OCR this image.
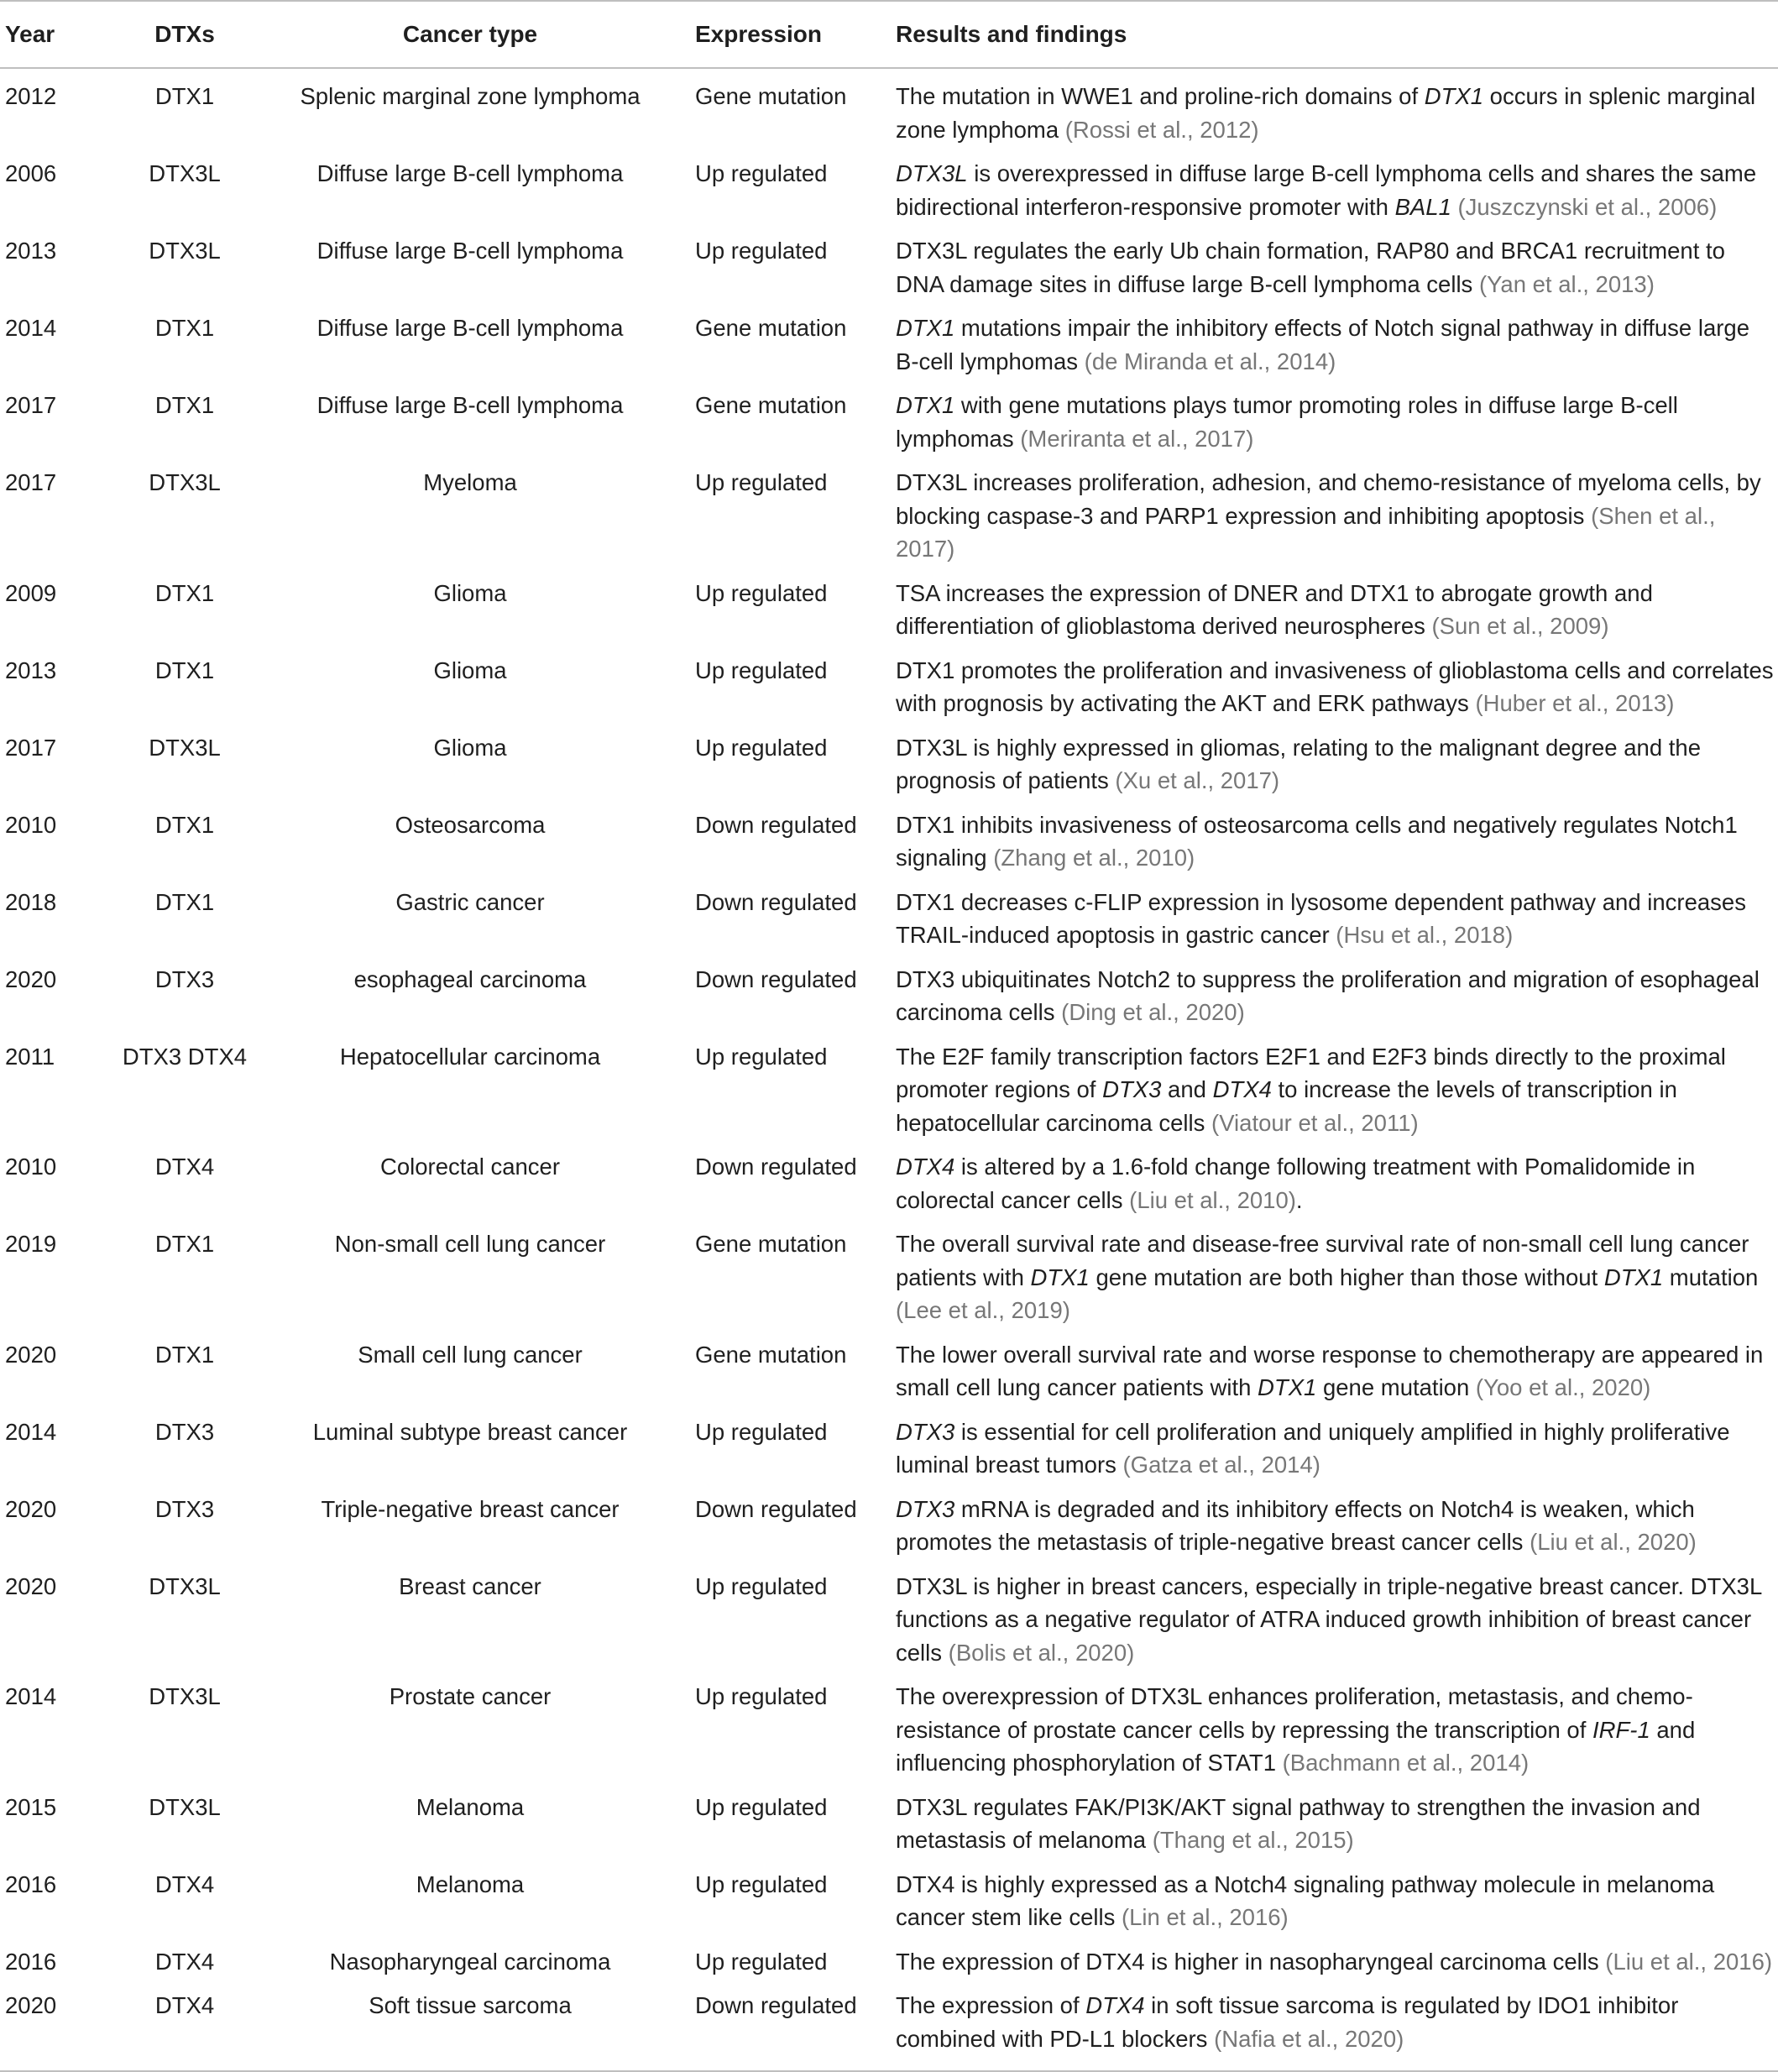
Year	DTXs	Cancer type	Expression	Results and findings
2012	DTX1	Splenic marginal zone lymphoma	Gene mutation	The mutation in WWE1 and proline-rich domains of DTX1 occurs in splenic marginal zone lymphoma (Rossi et al., 2012)
2006	DTX3L	Diffuse large B-cell lymphoma	Up regulated	DTX3L is overexpressed in diffuse large B-cell lymphoma cells and shares the same bidirectional interferon-responsive promoter with BAL1 (Juszczynski et al., 2006)
2013	DTX3L	Diffuse large B-cell lymphoma	Up regulated	DTX3L regulates the early Ub chain formation, RAP80 and BRCA1 recruitment to DNA damage sites in diffuse large B-cell lymphoma cells (Yan et al., 2013)
2014	DTX1	Diffuse large B-cell lymphoma	Gene mutation	DTX1 mutations impair the inhibitory effects of Notch signal pathway in diffuse large B-cell lymphomas (de Miranda et al., 2014)
2017	DTX1	Diffuse large B-cell lymphoma	Gene mutation	DTX1 with gene mutations plays tumor promoting roles in diffuse large B-cell lymphomas (Meriranta et al., 2017)
2017	DTX3L	Myeloma	Up regulated	DTX3L increases proliferation, adhesion, and chemo-resistance of myeloma cells, by blocking caspase-3 and PARP1 expression and inhibiting apoptosis (Shen et al., 2017)
2009	DTX1	Glioma	Up regulated	TSA increases the expression of DNER and DTX1 to abrogate growth and differentiation of glioblastoma derived neurospheres (Sun et al., 2009)
2013	DTX1	Glioma	Up regulated	DTX1 promotes the proliferation and invasiveness of glioblastoma cells and correlates with prognosis by activating the AKT and ERK pathways (Huber et al., 2013)
2017	DTX3L	Glioma	Up regulated	DTX3L is highly expressed in gliomas, relating to the malignant degree and the prognosis of patients (Xu et al., 2017)
2010	DTX1	Osteosarcoma	Down regulated	DTX1 inhibits invasiveness of osteosarcoma cells and negatively regulates Notch1 signaling (Zhang et al., 2010)
2018	DTX1	Gastric cancer	Down regulated	DTX1 decreases c-FLIP expression in lysosome dependent pathway and increases TRAIL-induced apoptosis in gastric cancer (Hsu et al., 2018)
2020	DTX3	esophageal carcinoma	Down regulated	DTX3 ubiquitinates Notch2 to suppress the proliferation and migration of esophageal carcinoma cells (Ding et al., 2020)
2011	DTX3 DTX4	Hepatocellular carcinoma	Up regulated	The E2F family transcription factors E2F1 and E2F3 binds directly to the proximal promoter regions of DTX3 and DTX4 to increase the levels of transcription in hepatocellular carcinoma cells (Viatour et al., 2011)
2010	DTX4	Colorectal cancer	Down regulated	DTX4 is altered by a 1.6-fold change following treatment with Pomalidomide in colorectal cancer cells (Liu et al., 2010).
2019	DTX1	Non-small cell lung cancer	Gene mutation	The overall survival rate and disease-free survival rate of non-small cell lung cancer patients with DTX1 gene mutation are both higher than those without DTX1 mutation (Lee et al., 2019)
2020	DTX1	Small cell lung cancer	Gene mutation	The lower overall survival rate and worse response to chemotherapy are appeared in small cell lung cancer patients with DTX1 gene mutation (Yoo et al., 2020)
2014	DTX3	Luminal subtype breast cancer	Up regulated	DTX3 is essential for cell proliferation and uniquely amplified in highly proliferative luminal breast tumors (Gatza et al., 2014)
2020	DTX3	Triple-negative breast cancer	Down regulated	DTX3 mRNA is degraded and its inhibitory effects on Notch4 is weaken, which promotes the metastasis of triple-negative breast cancer cells (Liu et al., 2020)
2020	DTX3L	Breast cancer	Up regulated	DTX3L is higher in breast cancers, especially in triple-negative breast cancer. DTX3L functions as a negative regulator of ATRA induced growth inhibition of breast cancer cells (Bolis et al., 2020)
2014	DTX3L	Prostate cancer	Up regulated	The overexpression of DTX3L enhances proliferation, metastasis, and chemo-resistance of prostate cancer cells by repressing the transcription of IRF-1 and influencing phosphorylation of STAT1 (Bachmann et al., 2014)
2015	DTX3L	Melanoma	Up regulated	DTX3L regulates FAK/PI3K/AKT signal pathway to strengthen the invasion and metastasis of melanoma (Thang et al., 2015)
2016	DTX4	Melanoma	Up regulated	DTX4 is highly expressed as a Notch4 signaling pathway molecule in melanoma cancer stem like cells (Lin et al., 2016)
2016	DTX4	Nasopharyngeal carcinoma	Up regulated	The expression of DTX4 is higher in nasopharyngeal carcinoma cells (Liu et al., 2016)
2020	DTX4	Soft tissue sarcoma	Down regulated	The expression of DTX4 in soft tissue sarcoma is regulated by IDO1 inhibitor combined with PD-L1 blockers (Nafia et al., 2020)
